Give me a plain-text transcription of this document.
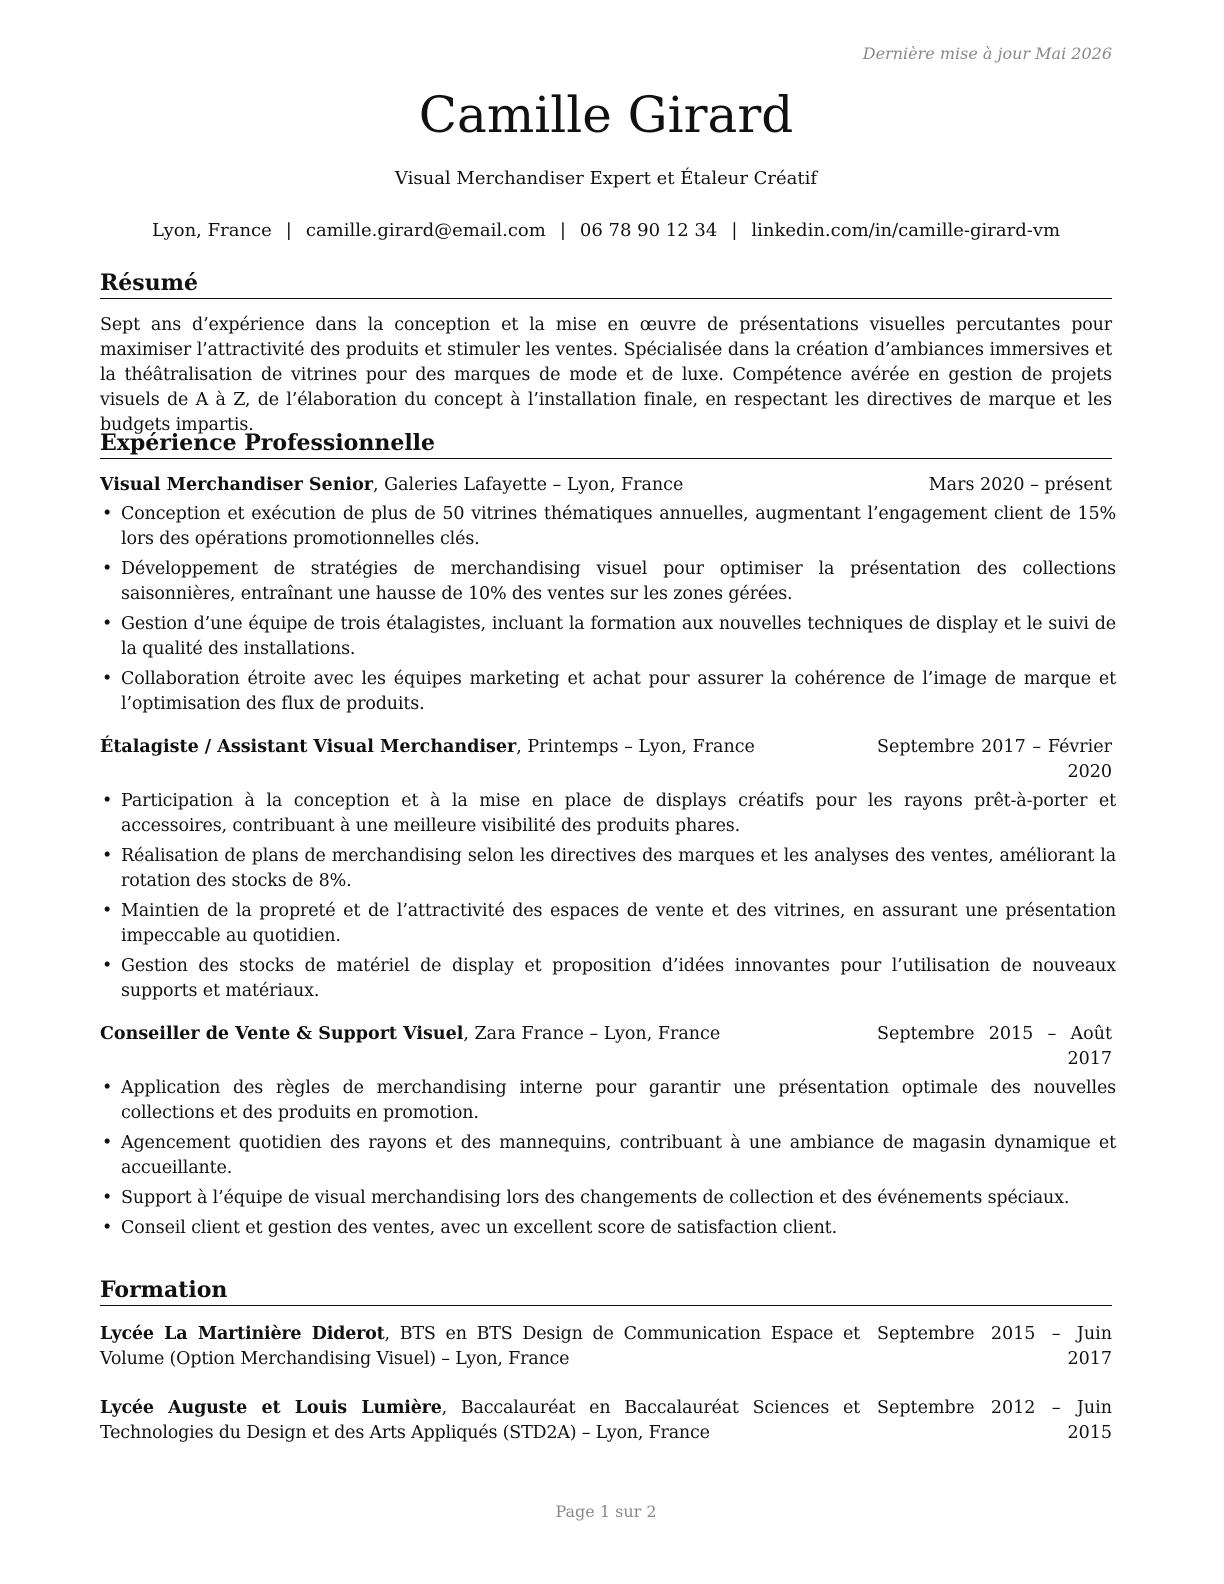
Dernière mise à jour Mai 2026
Camille Girard
Visual Merchandiser Expert et Étaleur Créatif
Lyon, France | camille.girard@email.com | 06 78 90 12 34 | linkedin.com/in/camille-girard-vm
Résumé
Sept ans d’expérience dans la conception et la mise en œuvre de présentations visuelles percutantes pour maximiser l’attractivité des produits et stimuler les ventes. Spécialisée dans la création d’ambiances immersives et la théâtralisation de vitrines pour des marques de mode et de luxe. Compétence avérée en gestion de projets visuels de A à Z, de l’élaboration du concept à l’installation finale, en respectant les directives de marque et les budgets impartis.
Expérience Professionnelle
Visual Merchandiser Senior, Galeries Lafayette – Lyon, France	Mars 2020 – présent
• Conception et exécution de plus de 50 vitrines thématiques annuelles, augmentant l’engagement client de 15% lors des opérations promotionnelles clés.
• Développement de stratégies de merchandising visuel pour optimiser la présentation des collections saisonnières, entraînant une hausse de 10% des ventes sur les zones gérées.
• Gestion d’une équipe de trois étalagistes, incluant la formation aux nouvelles techniques de display et le suivi de la qualité des installations.
• Collaboration étroite avec les équipes marketing et achat pour assurer la cohérence de l’image de marque et l’optimisation des flux de produits.
Étalagiste / Assistant Visual Merchandiser, Printemps – Lyon, France	Septembre 2017 – Février 2020
• Participation à la conception et à la mise en place de displays créatifs pour les rayons prêt-à-porter et accessoires, contribuant à une meilleure visibilité des produits phares.
• Réalisation de plans de merchandising selon les directives des marques et les analyses des ventes, améliorant la rotation des stocks de 8%.
• Maintien de la propreté et de l’attractivité des espaces de vente et des vitrines, en assurant une présentation impeccable au quotidien.
• Gestion des stocks de matériel de display et proposition d’idées innovantes pour l’utilisation de nouveaux supports et matériaux.
Conseiller de Vente & Support Visuel, Zara France – Lyon, France	Septembre 2015 – Août 2017
• Application des règles de merchandising interne pour garantir une présentation optimale des nouvelles collections et des produits en promotion.
• Agencement quotidien des rayons et des mannequins, contribuant à une ambiance de magasin dynamique et accueillante.
• Support à l’équipe de visual merchandising lors des changements de collection et des événements spéciaux.
• Conseil client et gestion des ventes, avec un excellent score de satisfaction client.
Formation
Lycée La Martinière Diderot, BTS en BTS Design de Communication Espace et Volume (Option Merchandising Visuel) – Lyon, France
Septembre 2015 – Juin 2017
Lycée Auguste et Louis Lumière, Baccalauréat en Baccalauréat Sciences et Technologies du Design et des Arts Appliqués (STD2A) – Lyon, France
Septembre 2012 – Juin 2015
Page 1 sur 2
